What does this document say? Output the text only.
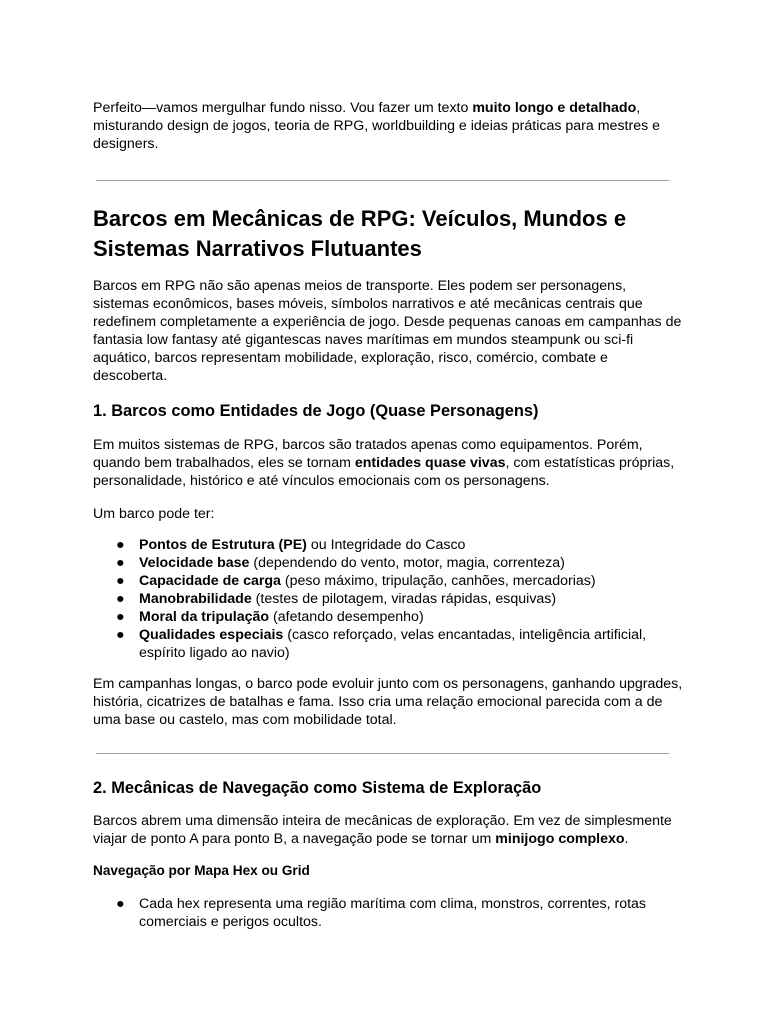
Perfeito—vamos mergulhar fundo nisso. Vou fazer um texto muito longo e detalhado, misturando design de jogos, teoria de RPG, worldbuilding e ideias práticas para mestres e designers.

Barcos em Mecânicas de RPG: Veículos, Mundos e Sistemas Narrativos Flutuantes

Barcos em RPG não são apenas meios de transporte. Eles podem ser personagens, sistemas econômicos, bases móveis, símbolos narrativos e até mecânicas centrais que redefinem completamente a experiência de jogo. Desde pequenas canoas em campanhas de fantasia low fantasy até gigantescas naves marítimas em mundos steampunk ou sci-fi aquático, barcos representam mobilidade, exploração, risco, comércio, combate e descoberta.

1. Barcos como Entidades de Jogo (Quase Personagens)

Em muitos sistemas de RPG, barcos são tratados apenas como equipamentos. Porém, quando bem trabalhados, eles se tornam entidades quase vivas, com estatísticas próprias, personalidade, histórico e até vínculos emocionais com os personagens.

Um barco pode ter:

● Pontos de Estrutura (PE) ou Integridade do Casco
● Velocidade base (dependendo do vento, motor, magia, correnteza)
● Capacidade de carga (peso máximo, tripulação, canhões, mercadorias)
● Manobrabilidade (testes de pilotagem, viradas rápidas, esquivas)
● Moral da tripulação (afetando desempenho)
● Qualidades especiais (casco reforçado, velas encantadas, inteligência artificial, espírito ligado ao navio)

Em campanhas longas, o barco pode evoluir junto com os personagens, ganhando upgrades, história, cicatrizes de batalhas e fama. Isso cria uma relação emocional parecida com a de uma base ou castelo, mas com mobilidade total.

2. Mecânicas de Navegação como Sistema de Exploração

Barcos abrem uma dimensão inteira de mecânicas de exploração. Em vez de simplesmente viajar de ponto A para ponto B, a navegação pode se tornar um minijogo complexo.

Navegação por Mapa Hex ou Grid
● Cada hex representa uma região marítima com clima, monstros, correntes, rotas comerciais e perigos ocultos.
